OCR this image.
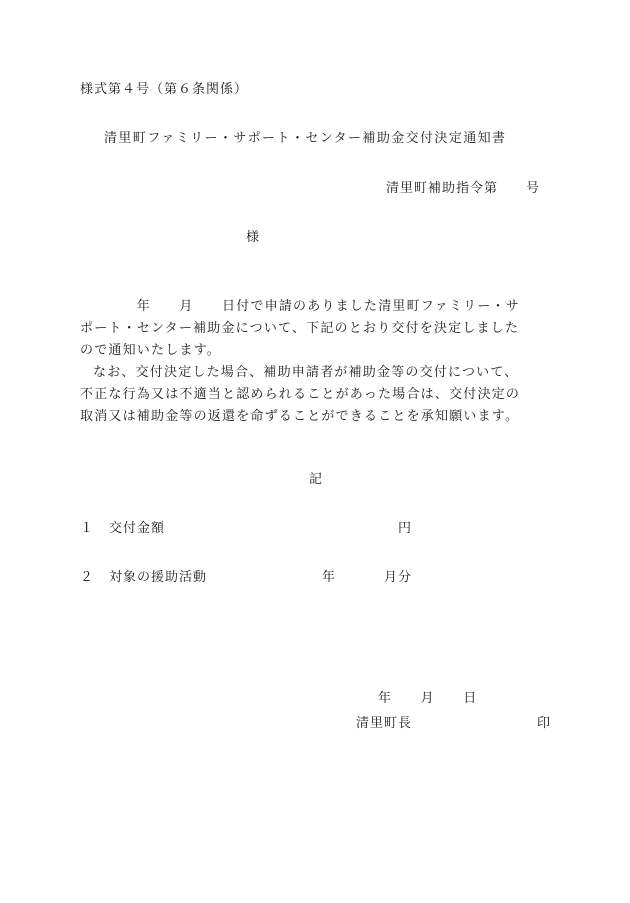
様式第４号（第６条関係）
清里町ファミリー・サポート・センター補助金交付決定通知書
清里町補助指令第　　号
様

　　　　年　　月　　日付で申請のありました清里町ファミリー・サ

ポート・センター補助金について、下記のとおり交付を決定しました

ので通知いたします。

なお、交付決定した場合、補助申請者が補助金等の交付について、

不正な行為又は不適当と認められることがあった場合は、交付決定の

取消又は補助金等の返還を命ずることができることを承知願います。

記
１ 交付金額	円
２ 対象の援助活動	年	月分
年　　月　　日
清里町長	印
